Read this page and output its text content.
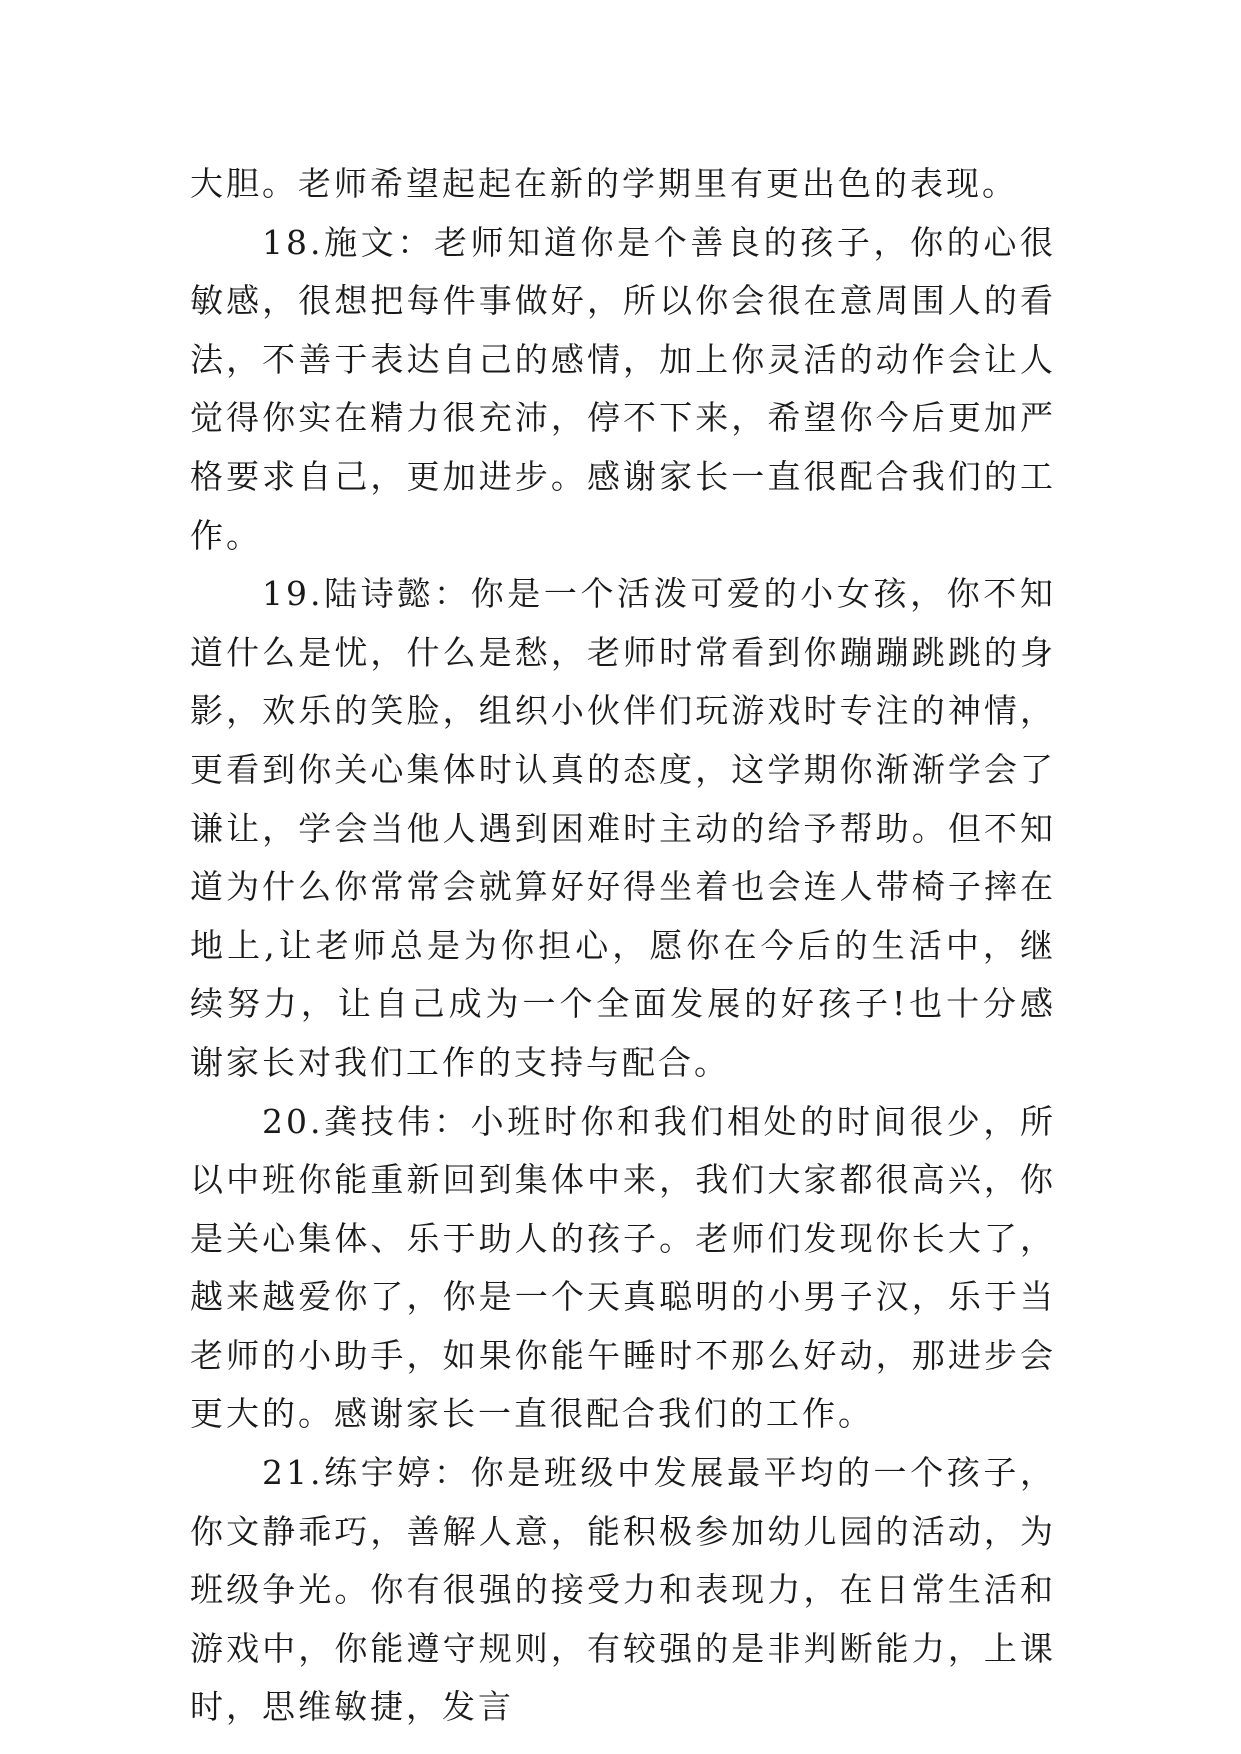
大胆。老师希望起起在新的学期里有更出色的表现。

18.施文：老师知道你是个善良的孩子，你的心很敏感，很想把每件事做好，所以你会很在意周围人的看法，不善于表达自己的感情，加上你灵活的动作会让人觉得你实在精力很充沛，停不下来，希望你今后更加严格要求自己，更加进步。感谢家长一直很配合我们的工作。

19.陆诗懿：你是一个活泼可爱的小女孩，你不知道什么是忧，什么是愁，老师时常看到你蹦蹦跳跳的身影，欢乐的笑脸，组织小伙伴们玩游戏时专注的神情，更看到你关心集体时认真的态度，这学期你渐渐学会了谦让，学会当他人遇到困难时主动的给予帮助。但不知道为什么你常常会就算好好得坐着也会连人带椅子摔在地上,让老师总是为你担心，愿你在今后的生活中，继续努力，让自己成为一个全面发展的好孩子!也十分感谢家长对我们工作的支持与配合。

20.龚技伟：小班时你和我们相处的时间很少，所以中班你能重新回到集体中来，我们大家都很高兴，你是关心集体、乐于助人的孩子。老师们发现你长大了，越来越爱你了，你是一个天真聪明的小男子汉，乐于当老师的小助手，如果你能午睡时不那么好动，那进步会更大的。感谢家长一直很配合我们的工作。

21.练宇婷：你是班级中发展最平均的一个孩子，你文静乖巧，善解人意，能积极参加幼儿园的活动，为班级争光。你有很强的接受力和表现力，在日常生活和游戏中，你能遵守规则，有较强的是非判断能力，上课时，思维敏捷，发言
